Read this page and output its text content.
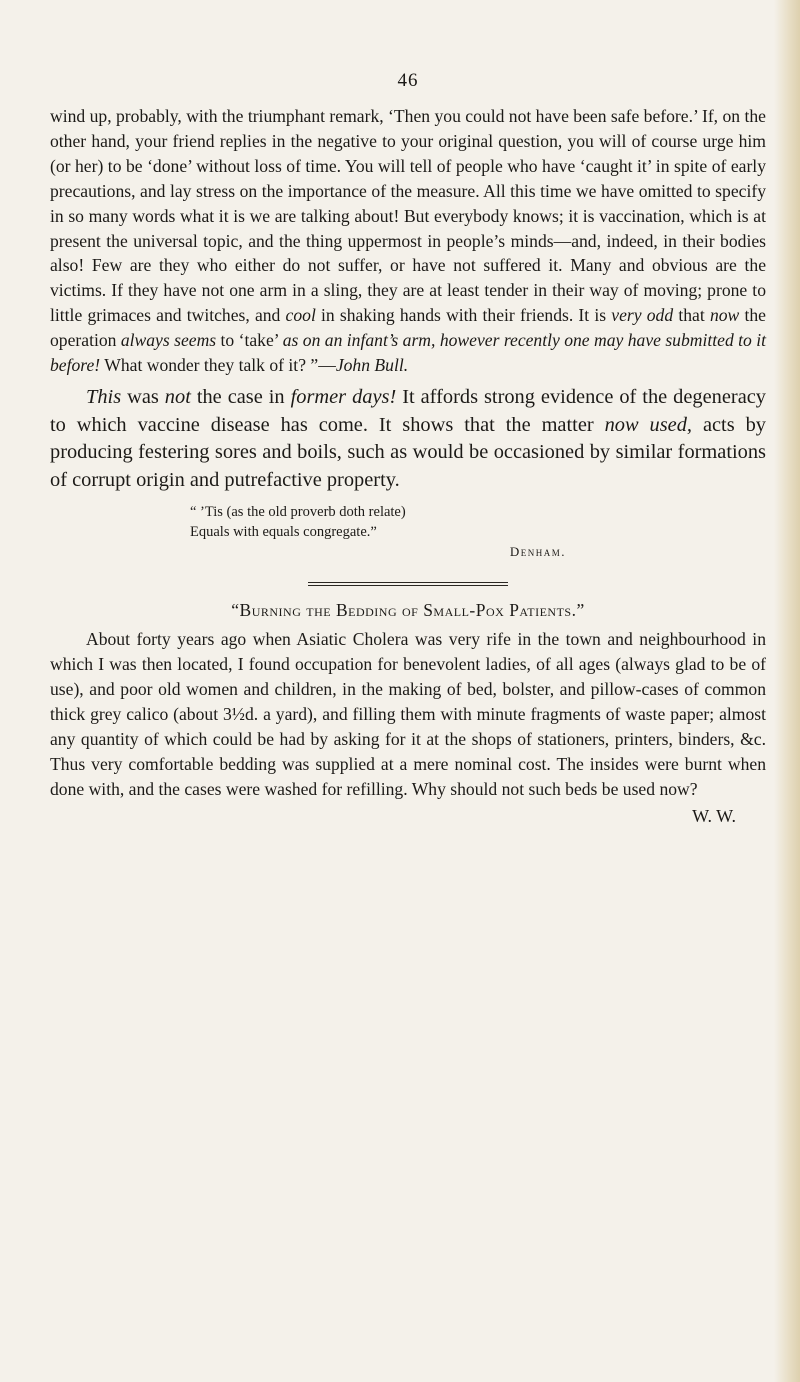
46

wind up, probably, with the triumphant remark, ‘Then you could not have been safe before.’ If, on the other hand, your friend replies in the negative to your original question, you will of course urge him (or her) to be ‘done’ without loss of time. You will tell of people who have ‘caught it’ in spite of early precautions, and lay stress on the importance of the measure. All this time we have omitted to specify in so many words what it is we are talking about! But everybody knows; it is vaccination, which is at present the universal topic, and the thing uppermost in people’s minds—and, indeed, in their bodies also! Few are they who either do not suffer, or have not suffered it. Many and obvious are the victims. If they have not one arm in a sling, they are at least tender in their way of moving; prone to little grimaces and twitches, and cool in shaking hands with their friends. It is very odd that now the operation always seems to ‘take’ as on an infant’s arm, however recently one may have submitted to it before! What wonder they talk of it? ”—John Bull.

This was not the case in former days! It affords strong evidence of the degeneracy to which vaccine disease has come. It shows that the matter now used, acts by producing festering sores and boils, such as would be occasioned by similar formations of corrupt origin and putrefactive property.

“ ’Tis (as the old proverb doth relate)
Equals with equals congregate.”
Denham.
“Burning the Bedding of Small-Pox Patients.”

About forty years ago when Asiatic Cholera was very rife in the town and neighbourhood in which I was then located, I found occupation for benevolent ladies, of all ages (always glad to be of use), and poor old women and children, in the making of bed, bolster, and pillow-cases of common thick grey calico (about 3½d. a yard), and filling them with minute fragments of waste paper; almost any quantity of which could be had by asking for it at the shops of stationers, printers, binders, &c. Thus very comfortable bedding was supplied at a mere nominal cost. The insides were burnt when done with, and the cases were washed for refilling. Why should not such beds be used now?

W. W.
